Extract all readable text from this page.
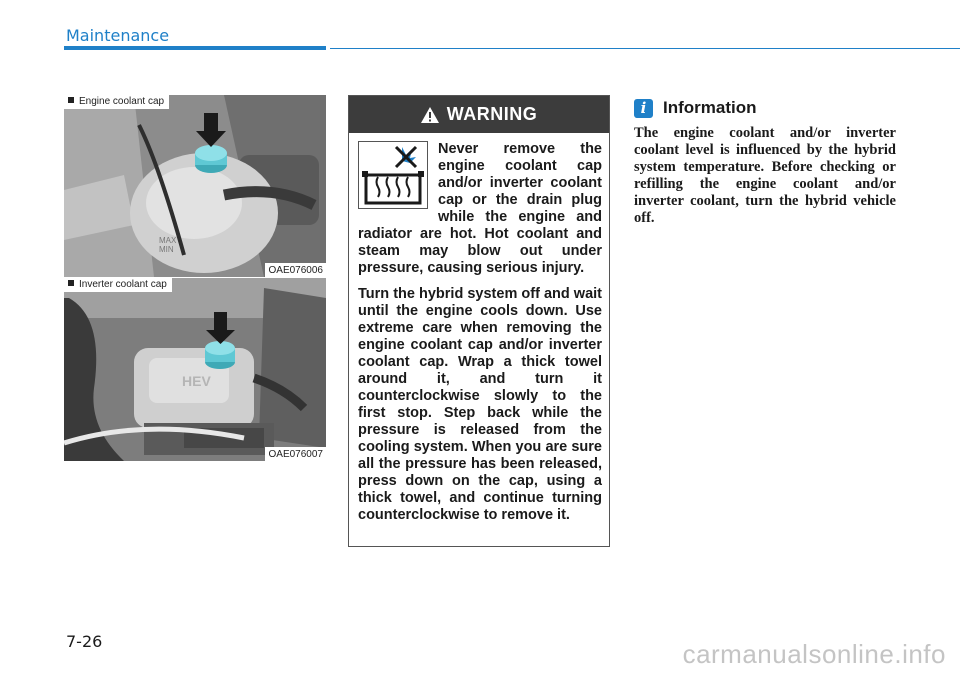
Maintenance
MAX
MIN
Engine coolant cap
OAE076006
HEV
Inverter coolant cap
OAE076007
WARNING

Never remove the engine coolant cap and/or inverter coolant cap or the drain plug while the engine and radiator are hot. Hot coolant and steam may blow out under pressure, causing serious injury.

Turn the hybrid system off and wait until the engine cools down. Use extreme care when removing the engine coolant cap and/or inverter coolant cap. Wrap a thick towel around it, and turn it counterclockwise slowly to the first stop. Step back while the pressure is released from the cooling system. When you are sure all the pressure has been released, press down on the cap, using a thick towel, and continue turning counterclockwise to remove it.

i Information
The engine coolant and/or inverter coolant level is influenced by the hybrid system temperature. Before checking or refilling the engine coolant and/or inverter coolant, turn the hybrid vehicle off.
7-26	carmanualsonline.info
